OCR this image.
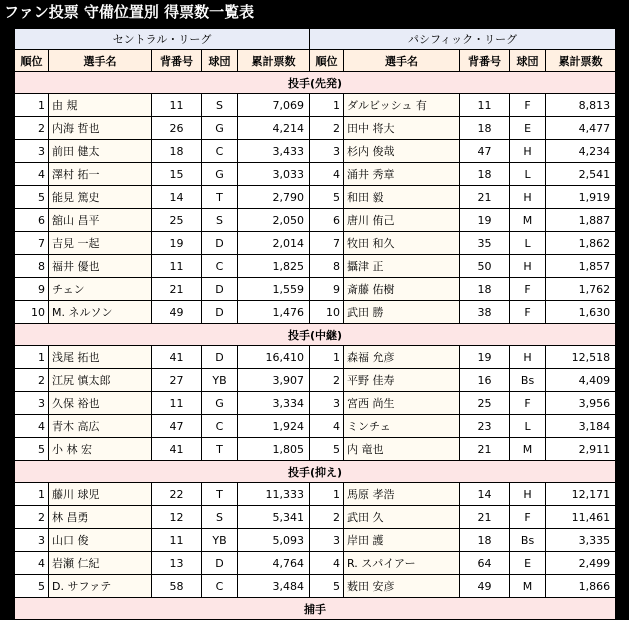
ファン投票 守備位置別 得票数一覧表
セントラル・リーグ					パシフィック・リーグ				
順位	選手名	背番号	球団	累計票数	順位	選手名	背番号	球団	累計票数
投手(先発)									
1	由 規	11	S	7,069	1	ダルビッシュ 有	11	F	8,813
2	内海 哲也	26	G	4,214	2	田中 将大	18	E	4,477
3	前田 健太	18	C	3,433	3	杉内 俊哉	47	H	4,234
4	澤村 拓一	15	G	3,033	4	涌井 秀章	18	L	2,541
5	能見 篤史	14	T	2,790	5	和田 毅	21	H	1,919
6	舘山 昌平	25	S	2,050	6	唐川 侑己	19	M	1,887
7	吉見 一起	19	D	2,014	7	牧田 和久	35	L	1,862
8	福井 優也	11	C	1,825	8	攝津 正	50	H	1,857
9	チェン	21	D	1,559	9	斎藤 佑樹	18	F	1,762
10	M. ネルソン	49	D	1,476	10	武田 勝	38	F	1,630
投手(中継)									
1	浅尾 拓也	41	D	16,410	1	森福 允彦	19	H	12,518
2	江尻 慎太郎	27	YB	3,907	2	平野 佳寿	16	Bs	4,409
3	久保 裕也	11	G	3,334	3	宮西 尚生	25	F	3,956
4	青木 高広	47	C	1,924	4	ミンチェ	23	L	3,184
5	小 林 宏	41	T	1,805	5	内 竜也	21	M	2,911
投手(抑え)									
1	藤川 球児	22	T	11,333	1	馬原 孝浩	14	H	12,171
2	林 昌勇	12	S	5,341	2	武田 久	21	F	11,461
3	山口 俊	11	YB	5,093	3	岸田 護	18	Bs	3,335
4	岩瀬 仁紀	13	D	4,764	4	R. スパイアー	64	E	2,499
5	D. サファテ	58	C	3,484	5	薮田 安彦	49	M	1,866
捕手									
